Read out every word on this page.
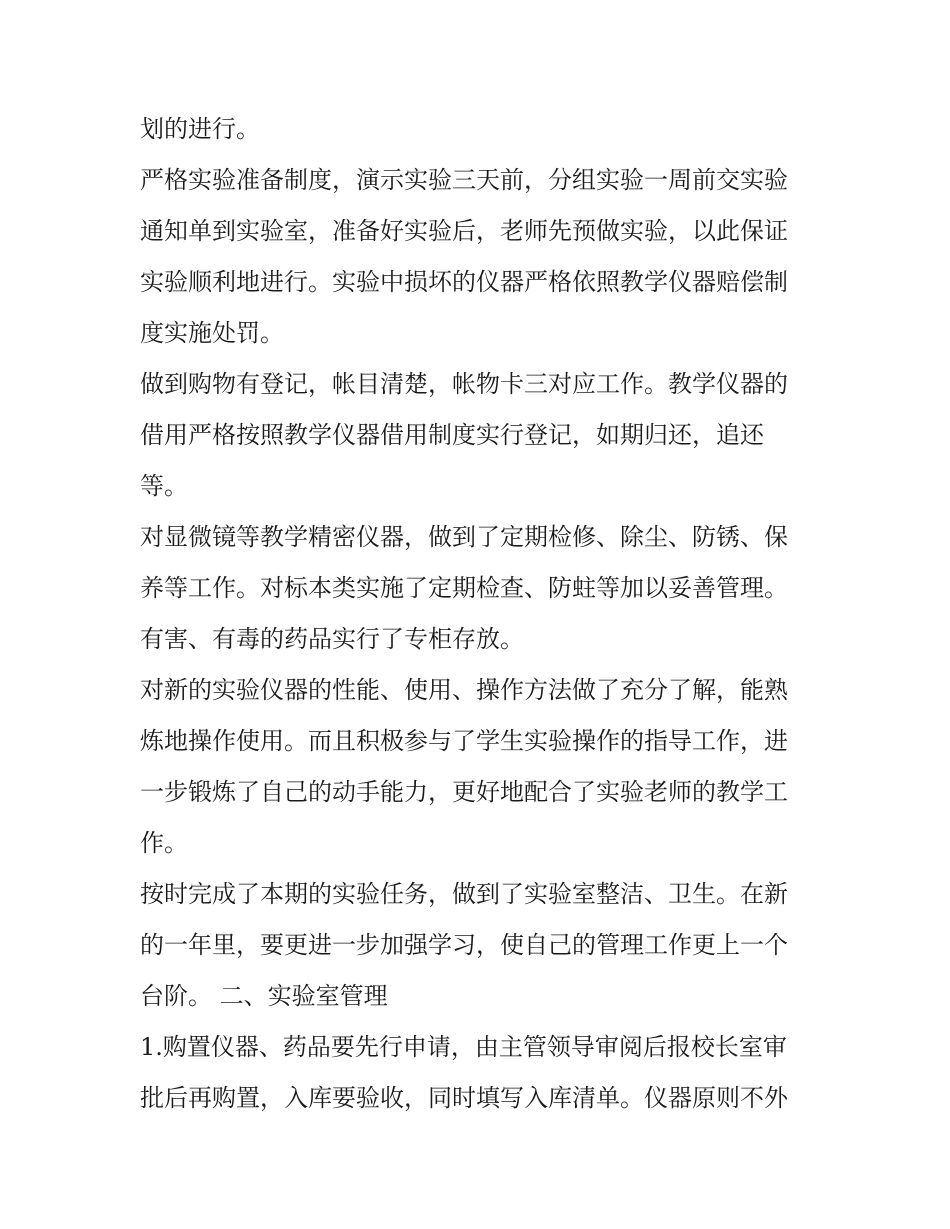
划的进行。
严格实验准备制度，演示实验三天前，分组实验一周前交实验
通知单到实验室，准备好实验后，老师先预做实验，以此保证
实验顺利地进行。实验中损坏的仪器严格依照教学仪器赔偿制
度实施处罚。
做到购物有登记，帐目清楚，帐物卡三对应工作。教学仪器的
借用严格按照教学仪器借用制度实行登记，如期归还，追还
等。
对显微镜等教学精密仪器，做到了定期检修、除尘、防锈、保
养等工作。对标本类实施了定期检查、防蛀等加以妥善管理。
有害、有毒的药品实行了专柜存放。
对新的实验仪器的性能、使用、操作方法做了充分了解，能熟
炼地操作使用。而且积极参与了学生实验操作的指导工作，进
一步锻炼了自己的动手能力，更好地配合了实验老师的教学工
作。
按时完成了本期的实验任务，做到了实验室整洁、卫生。在新
的一年里，要更进一步加强学习，使自己的管理工作更上一个
台阶。 二、实验室管理
1.购置仪器、药品要先行申请，由主管领导审阅后报校长室审
批后再购置，入库要验收，同时填写入库清单。仪器原则不外
